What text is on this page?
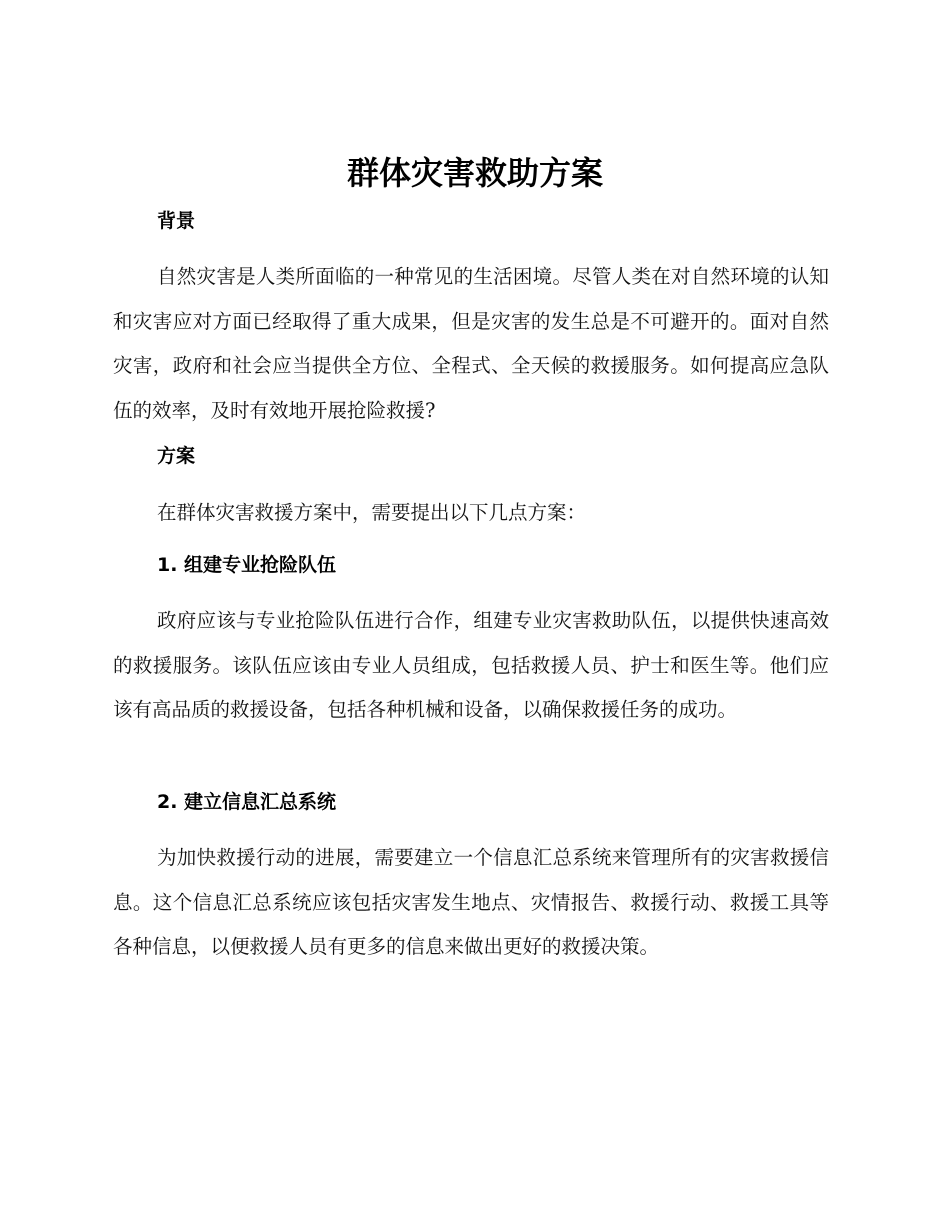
群体灾害救助方案
背景

自然灾害是人类所面临的一种常见的生活困境。尽管人类在对自然环境的认知和灾害应对方面已经取得了重大成果，但是灾害的发生总是不可避开的。面对自然灾害，政府和社会应当提供全方位、全程式、全天候的救援服务。如何提高应急队伍的效率，及时有效地开展抢险救援?

方案

在群体灾害救援方案中，需要提出以下几点方案：

1. 组建专业抢险队伍

政府应该与专业抢险队伍进行合作，组建专业灾害救助队伍，以提供快速高效的救援服务。该队伍应该由专业人员组成，包括救援人员、护士和医生等。他们应该有高品质的救援设备，包括各种机械和设备，以确保救援任务的成功。

2. 建立信息汇总系统

为加快救援行动的进展，需要建立一个信息汇总系统来管理所有的灾害救援信息。这个信息汇总系统应该包括灾害发生地点、灾情报告、救援行动、救援工具等各种信息，以便救援人员有更多的信息来做出更好的救援决策。
